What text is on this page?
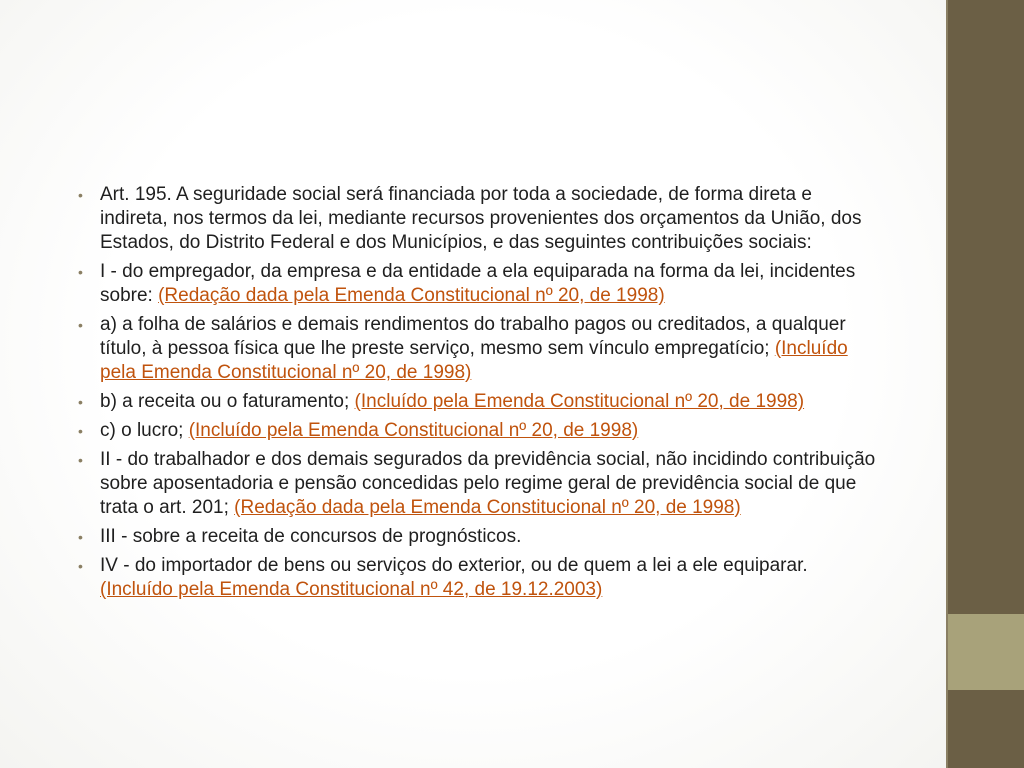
• Art. 195. A seguridade social será financiada por toda a sociedade, de forma direta e indireta, nos termos da lei, mediante recursos provenientes dos orçamentos da União, dos Estados, do Distrito Federal e dos Municípios, e das seguintes contribuições sociais:
• I - do empregador, da empresa e da entidade a ela equiparada na forma da lei, incidentes sobre: (Redação dada pela Emenda Constitucional nº 20, de 1998)
• a) a folha de salários e demais rendimentos do trabalho pagos ou creditados, a qualquer título, à pessoa física que lhe preste serviço, mesmo sem vínculo empregatício; (Incluído pela Emenda Constitucional nº 20, de 1998)
• b) a receita ou o faturamento; (Incluído pela Emenda Constitucional nº 20, de 1998)
• c) o lucro; (Incluído pela Emenda Constitucional nº 20, de 1998)
• II - do trabalhador e dos demais segurados da previdência social, não incidindo contribuição sobre aposentadoria e pensão concedidas pelo regime geral de previdência social de que trata o art. 201; (Redação dada pela Emenda Constitucional nº 20, de 1998)
• III - sobre a receita de concursos de prognósticos.
• IV - do importador de bens ou serviços do exterior, ou de quem a lei a ele equiparar. (Incluído pela Emenda Constitucional nº 42, de 19.12.2003)
